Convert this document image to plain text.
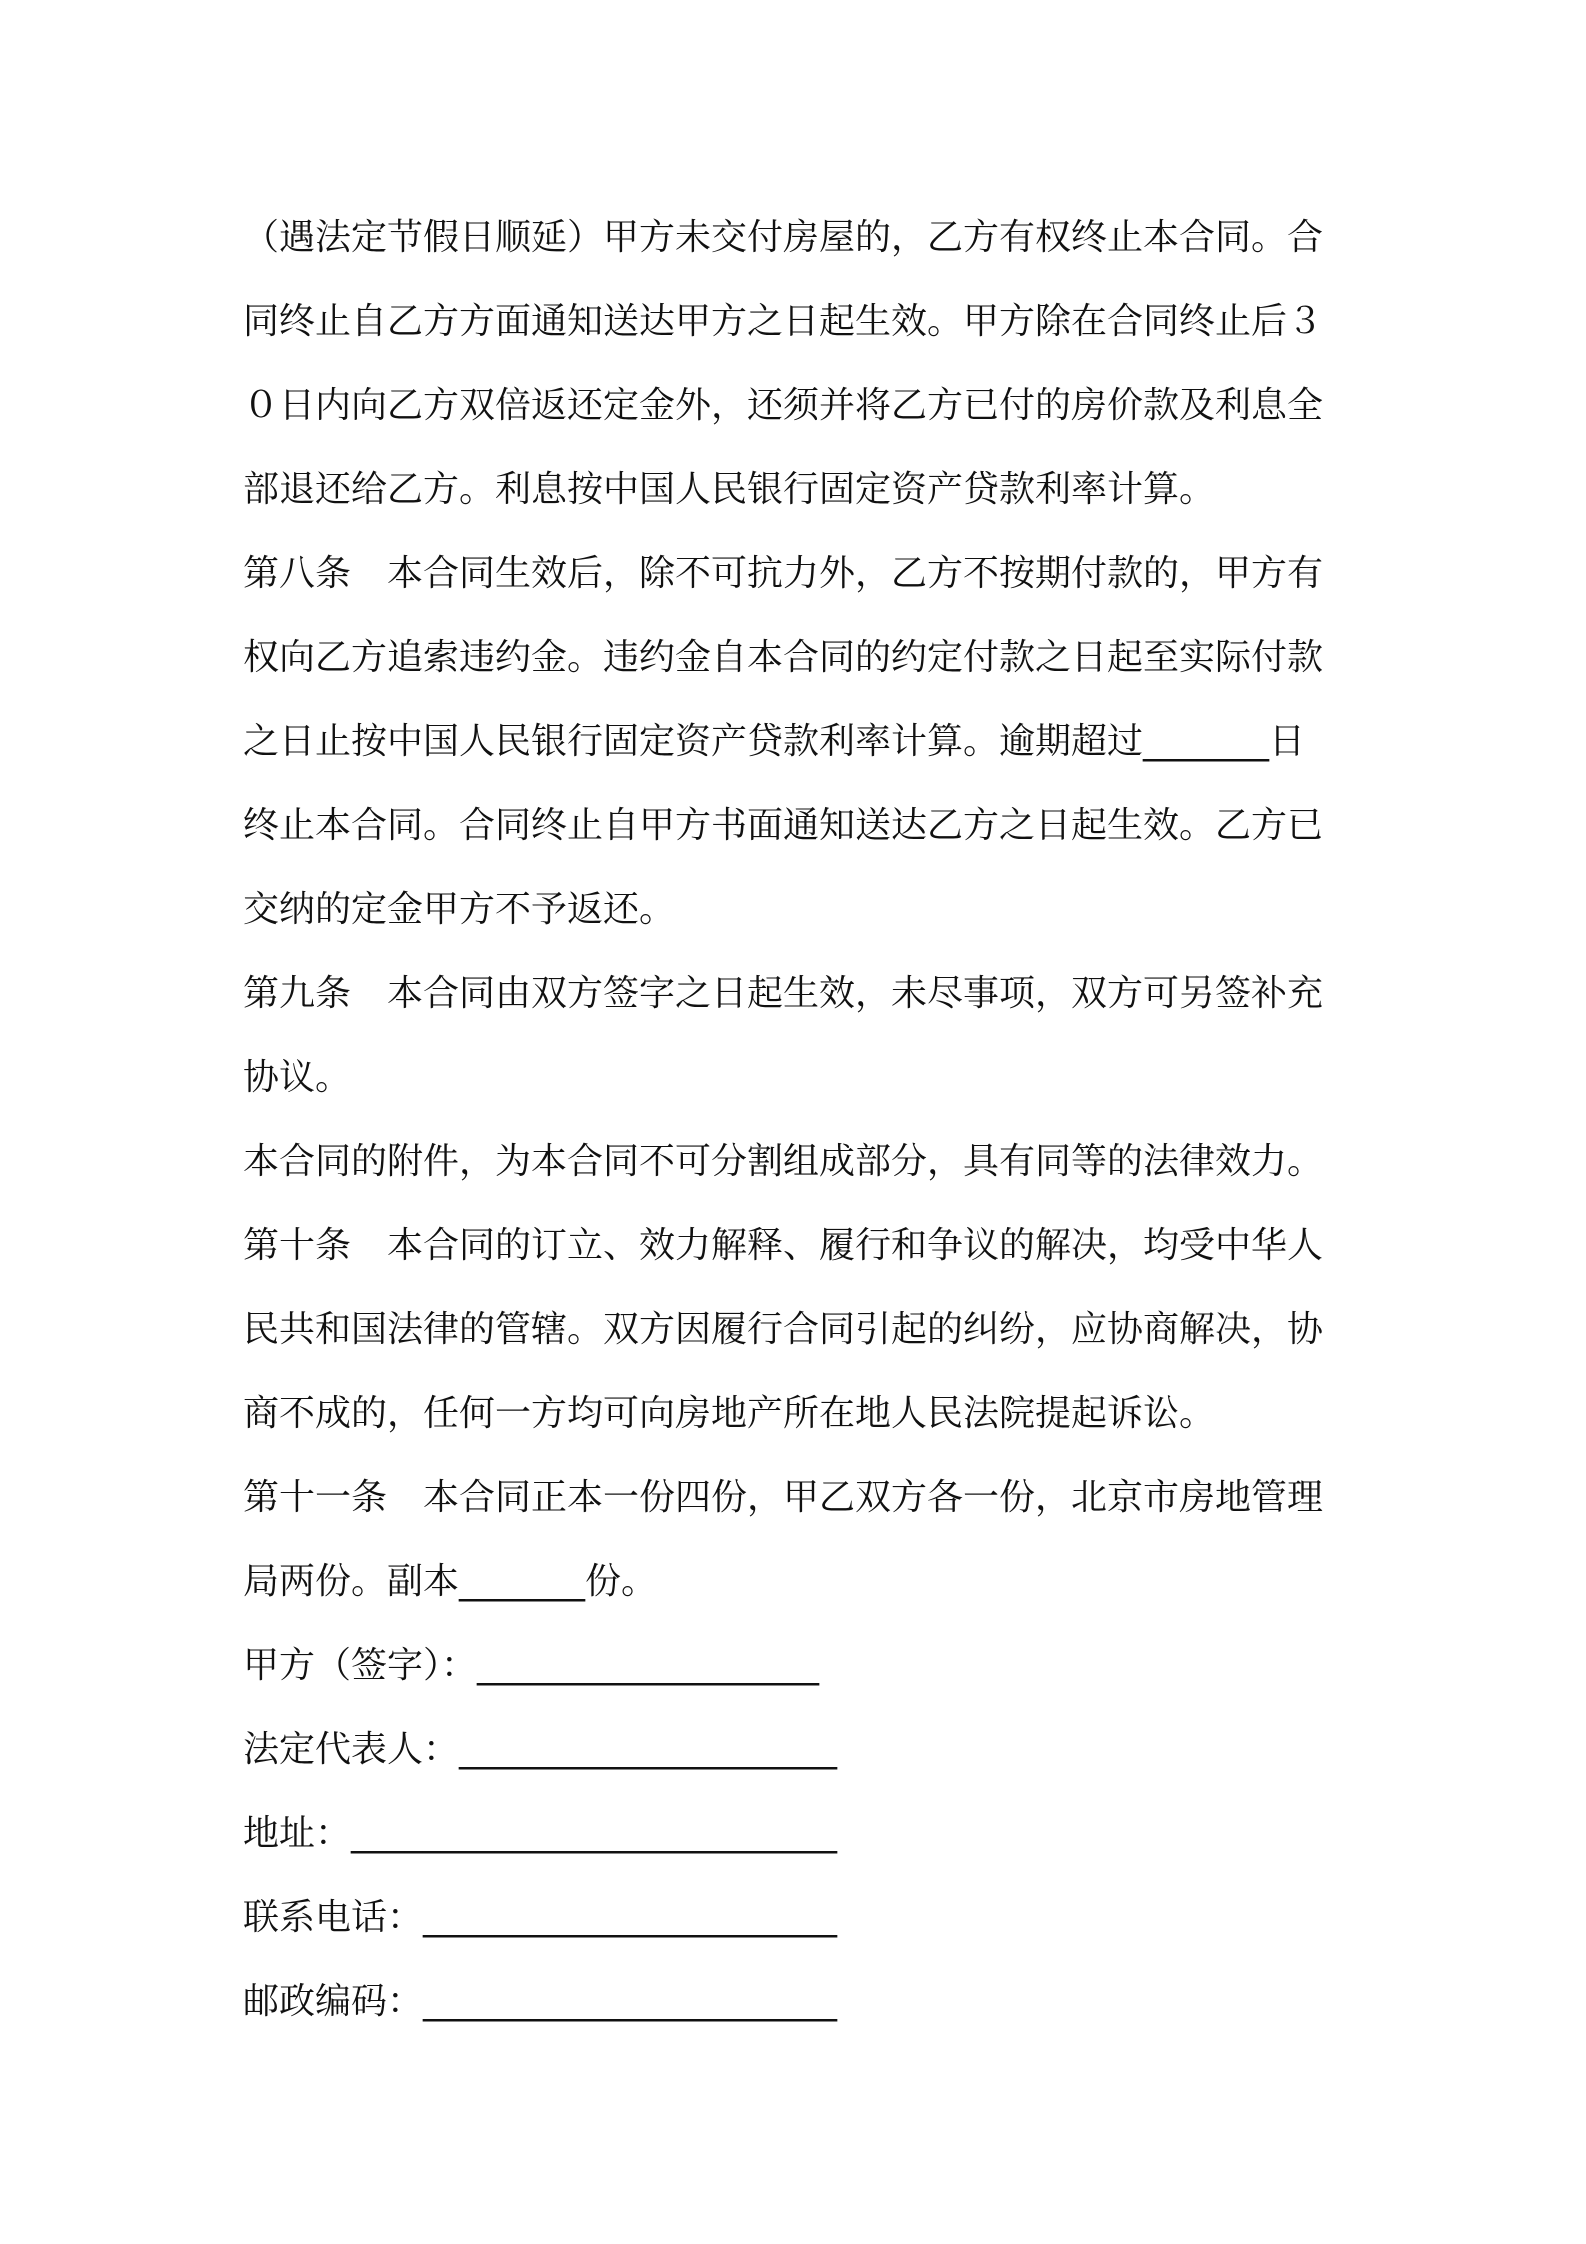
（遇法定节假日顺延）甲方未交付房屋的，乙方有权终止本合同。合
同终止自乙方方面通知送达甲方之日起生效。甲方除在合同终止后３
０日内向乙方双倍返还定金外，还须并将乙方已付的房价款及利息全
部退还给乙方。利息按中国人民银行固定资产贷款利率计算。
第八条　本合同生效后，除不可抗力外，乙方不按期付款的，甲方有
权向乙方追索违约金。违约金自本合同的约定付款之日起至实际付款
之日止按中国人民银行固定资产贷款利率计算。逾期超过_______日
终止本合同。合同终止自甲方书面通知送达乙方之日起生效。乙方已
交纳的定金甲方不予返还。
第九条　本合同由双方签字之日起生效，未尽事项，双方可另签补充
协议。
本合同的附件，为本合同不可分割组成部分，具有同等的法律效力。
第十条　本合同的订立、效力解释、履行和争议的解决，均受中华人
民共和国法律的管辖。双方因履行合同引起的纠纷，应协商解决，协
商不成的，任何一方均可向房地产所在地人民法院提起诉讼。
第十一条　本合同正本一份四份，甲乙双方各一份，北京市房地管理
局两份。副本_______份。
甲方（签字）：___________________
法定代表人：_____________________
地址：___________________________
联系电话：_______________________
邮政编码：_______________________
